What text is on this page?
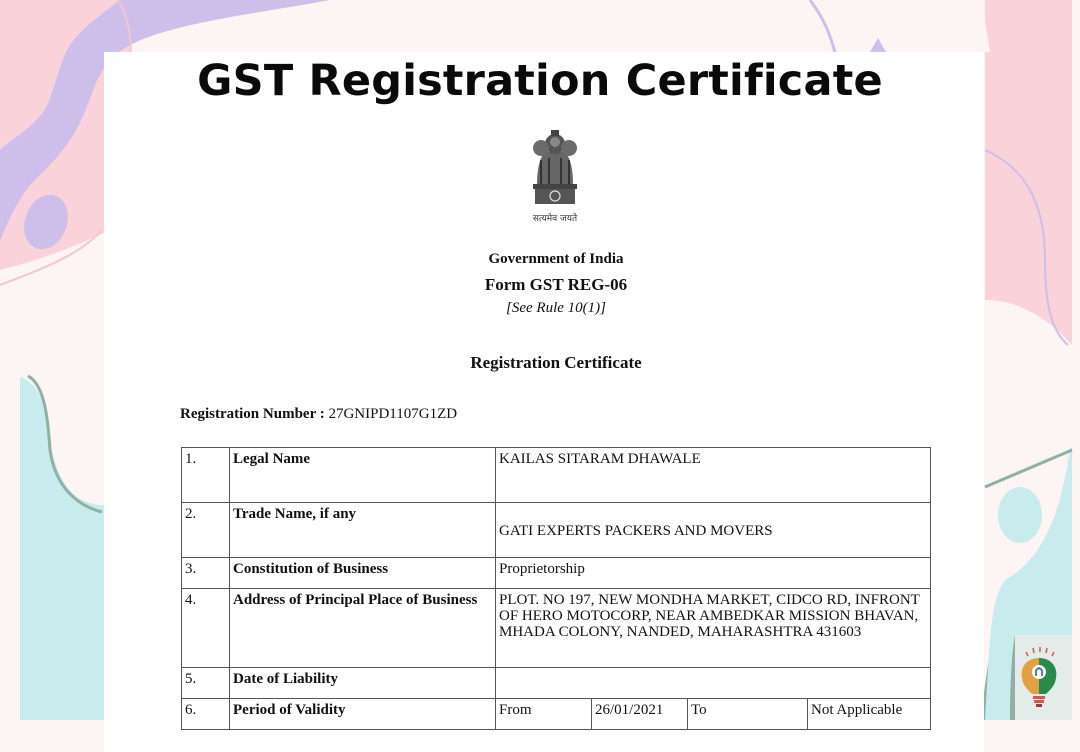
GST Registration Certificate
सत्यमेव जयते
Government of India
Form GST REG-06
[See Rule 10(1)]
Registration Certificate
Registration Number : 27GNIPD1107G1ZD
1.	Legal Name	KAILAS SITARAM DHAWALE			
2.	Trade Name, if any	GATI EXPERTS PACKERS AND MOVERS			
3.	Constitution of Business	Proprietorship			
4.	Address of Principal Place of Business	PLOT. NO 197, NEW MONDHA MARKET, CIDCO RD, INFRONT OF HERO MOTOCORP, NEAR AMBEDKAR MISSION BHAVAN, MHADA COLONY, NANDED, MAHARASHTRA 431603			
5.	Date of Liability				
6.	Period of Validity	From	26/01/2021	To	Not Applicable
